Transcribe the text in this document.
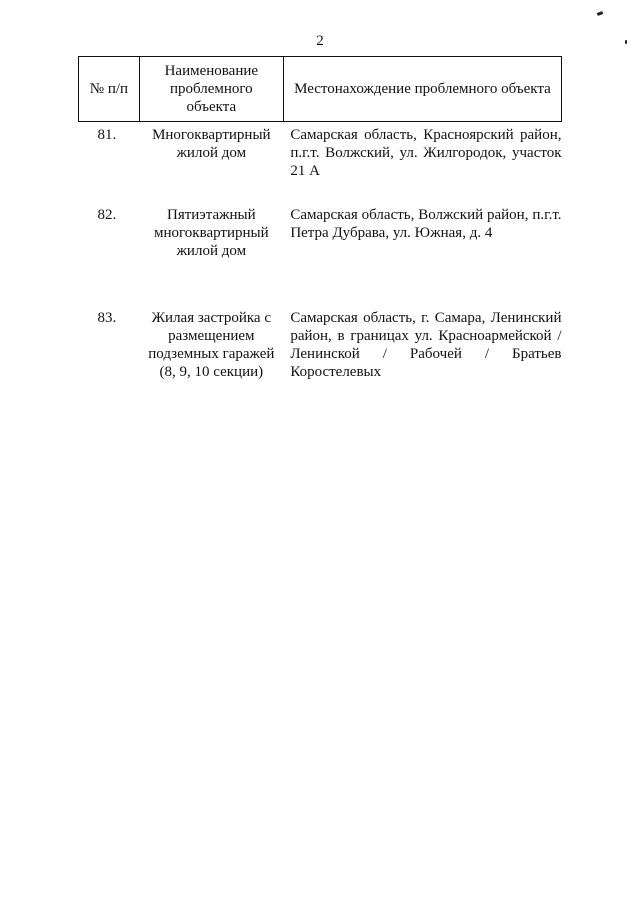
2
№ п/п	Наименование проблемного объекта	Местонахождение проблемного объекта

81.	Многоквартирный жилой дом	Самарская область, Красноярский район, п.г.т. Волжский, ул. Жилгородок, участок 21 А
82.	Пятиэтажный многоквартирный жилой дом	Самарская область, Волжский район, п.г.т. Петра Дубрава, ул. Южная, д. 4
83.	Жилая застройка с размещением подземных гаражей (8, 9, 10 секции)	Самарская область, г. Самара, Ленинский район, в границах ул. Красноармейской / Ленинской / Рабочей / Братьев Коростелевых
